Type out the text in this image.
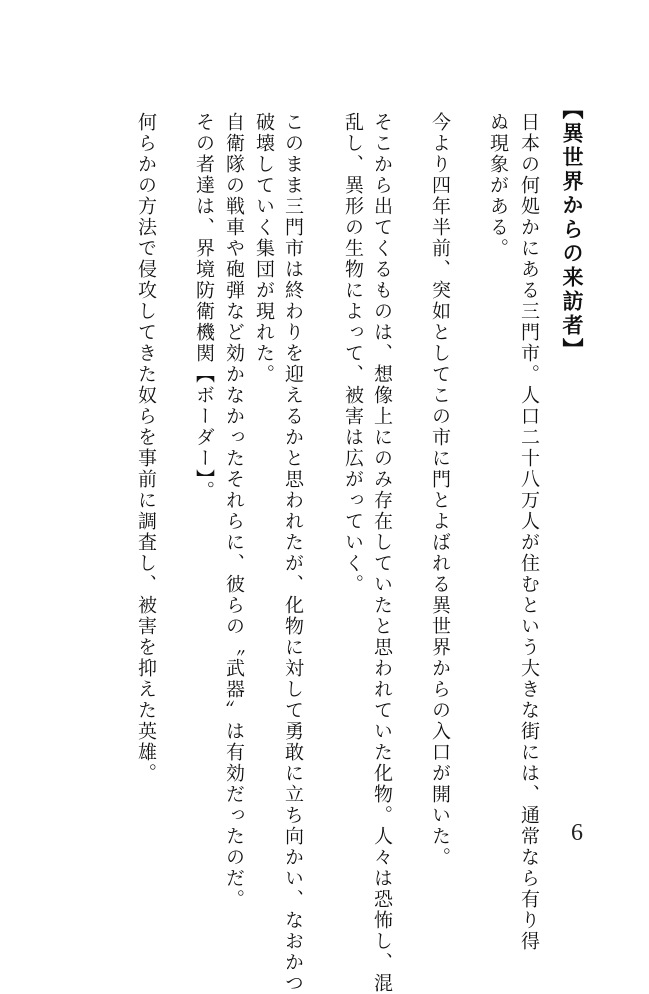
【異世界からの来訪者】
日本の何処かにある三門市。人口二十八万人が住むという大きな街には、通常なら有り得
ぬ現象がある。
今より四年半前、突如としてこの市に門とよばれる異世界からの入口が開いた。
そこから出てくるものは、想像上にのみ存在していたと思われていた化物。人々は恐怖し、混
乱し、異形の生物によって、被害は広がっていく。
このまま三門市は終わりを迎えるかと思われたが、化物に対して勇敢に立ち向かい、なおかつ
破壊していく集団が現れた。
自衛隊の戦車や砲弾など効かなかったそれらに、彼らの〝武器〟は有効だったのだ。
その者達は、界境防衛機関【ボーダー】。
何らかの方法で侵攻してきた奴らを事前に調査し、被害を抑えた英雄。
6
